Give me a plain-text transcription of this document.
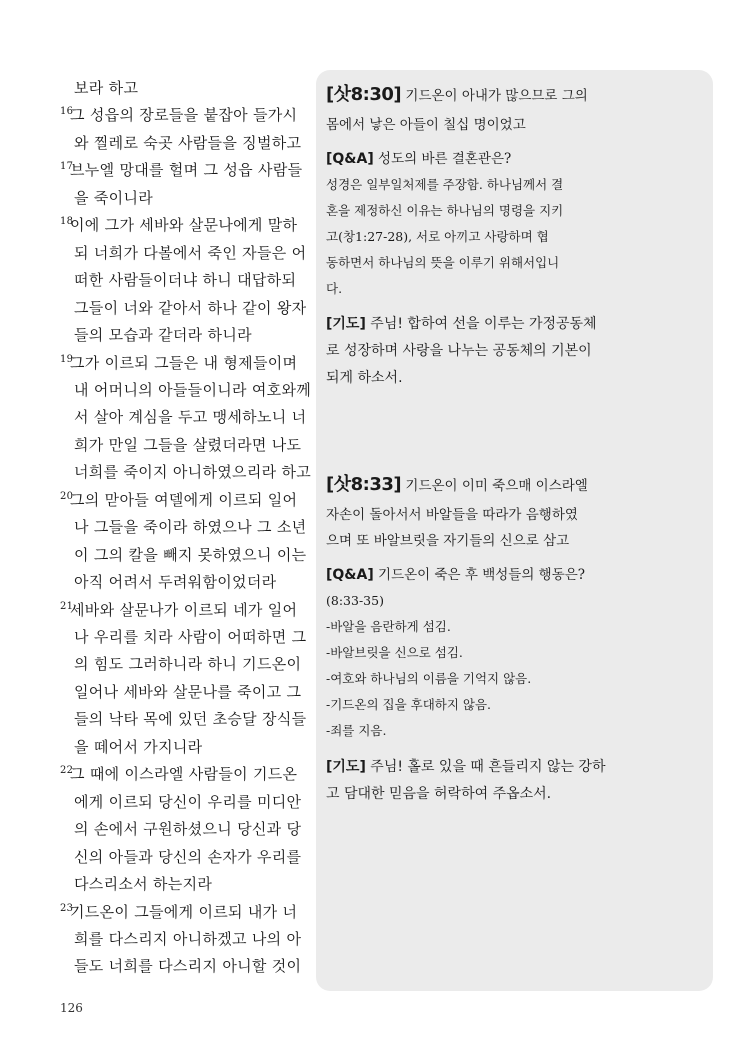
보라 하고
16
그 성읍의 장로들을 붙잡아 들가시
와 찔레로 숙곳 사람들을 징벌하고
17
브누엘 망대를 헐며 그 성읍 사람들
을 죽이니라
18
이에 그가 세바와 살문나에게 말하
되 너희가 다볼에서 죽인 자들은 어
떠한 사람들이더냐 하니 대답하되
그들이 너와 같아서 하나 같이 왕자
들의 모습과 같더라 하니라
19
그가 이르되 그들은 내 형제들이며
내 어머니의 아들들이니라 여호와께
서 살아 계심을 두고 맹세하노니 너
희가 만일 그들을 살렸더라면 나도
너희를 죽이지 아니하였으리라 하고
20
그의 맏아들 여델에게 이르되 일어
나 그들을 죽이라 하였으나 그 소년
이 그의 칼을 빼지 못하였으니 이는
아직 어려서 두려워함이었더라
21
세바와 살문나가 이르되 네가 일어
나 우리를 치라 사람이 어떠하면 그
의 힘도 그러하니라 하니 기드온이
일어나 세바와 살문나를 죽이고 그
들의 낙타 목에 있던 초승달 장식들
을 떼어서 가지니라
22
그 때에 이스라엘 사람들이 기드온
에게 이르되 당신이 우리를 미디안
의 손에서 구원하셨으니 당신과 당
신의 아들과 당신의 손자가 우리를
다스리소서 하는지라
23
기드온이 그들에게 이르되 내가 너
희를 다스리지 아니하겠고 나의 아
들도 너희를 다스리지 아니할 것이
[삿8:30] 기드온이 아내가 많으므로 그의
몸에서 낳은 아들이 칠십 명이었고
[Q&A] 성도의 바른 결혼관은?
성경은 일부일처제를 주장함. 하나님께서 결
혼을 제정하신 이유는 하나님의 명령을 지키
고(창1:27-28), 서로 아끼고 사랑하며 협
동하면서 하나님의 뜻을 이루기 위해서입니
다.
[기도] 주님! 합하여 선을 이루는 가정공동체
로 성장하며 사랑을 나누는 공동체의 기본이
되게 하소서.
[삿8:33] 기드온이 이미 죽으매 이스라엘
자손이 돌아서서 바알들을 따라가 음행하였
으며 또 바알브릿을 자기들의 신으로 삼고
[Q&A] 기드온이 죽은 후 백성들의 행동은?
(8:33-35)
-바알을 음란하게 섬김.
-바알브릿을 신으로 섬김.
-여호와 하나님의 이름을 기억지 않음.
-기드온의 집을 후대하지 않음.
-죄를 지음.
[기도] 주님! 홀로 있을 때 흔들리지 않는 강하
고 담대한 믿음을 허락하여 주옵소서.
126
